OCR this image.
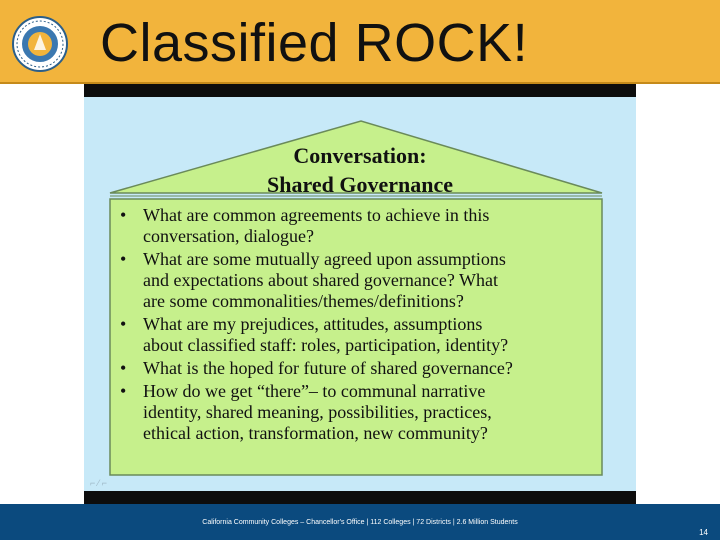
Classified ROCK!
Conversation:
Shared Governance
• What are common agreements to achieve in this
conversation, dialogue?
• What are some mutually agreed upon assumptions
and expectations about shared governance? What
are some commonalities/themes/definitions?
• What are my prejudices, attitudes, assumptions
about classified staff: roles, participation, identity?
• What is the hoped for future of shared governance?
• How do we get “there”– to communal narrative
identity, shared meaning, possibilities, practices,
ethical action, transformation, new community?
⌐ ⁄ ⌐
California Community Colleges – Chancellor's Office | 112 Colleges | 72 Districts | 2.6 Million Students
14
